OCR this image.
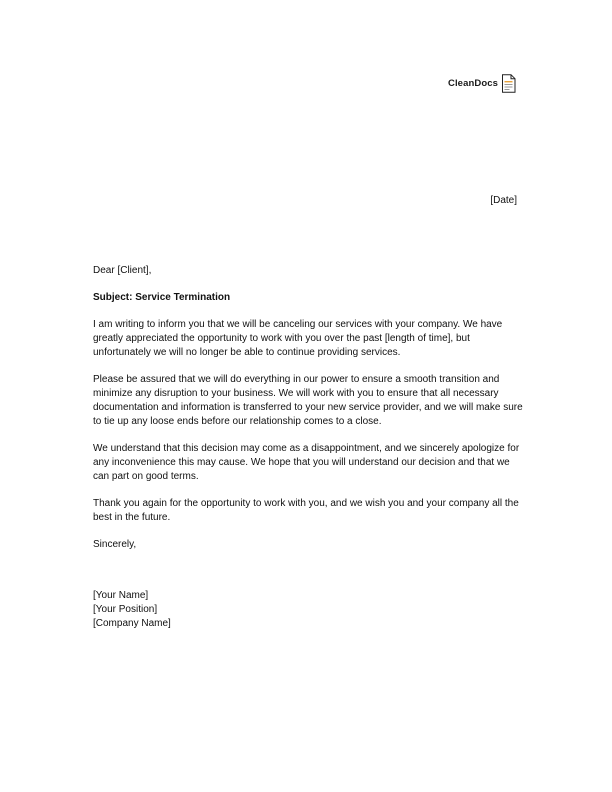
CleanDocs
[Date]

Dear [Client],

Subject: Service Termination

I am writing to inform you that we will be canceling our services with your company. We have greatly appreciated the opportunity to work with you over the past [length of time], but unfortunately we will no longer be able to continue providing services.

Please be assured that we will do everything in our power to ensure a smooth transition and minimize any disruption to your business. We will work with you to ensure that all necessary documentation and information is transferred to your new service provider, and we will make sure to tie up any loose ends before our relationship comes to a close.

We understand that this decision may come as a disappointment, and we sincerely apologize for any inconvenience this may cause. We hope that you will understand our decision and that we can part on good terms.

Thank you again for the opportunity to work with you, and we wish you and your company all the best in the future.

Sincerely,

[Your Name]
[Your Position]
[Company Name]
